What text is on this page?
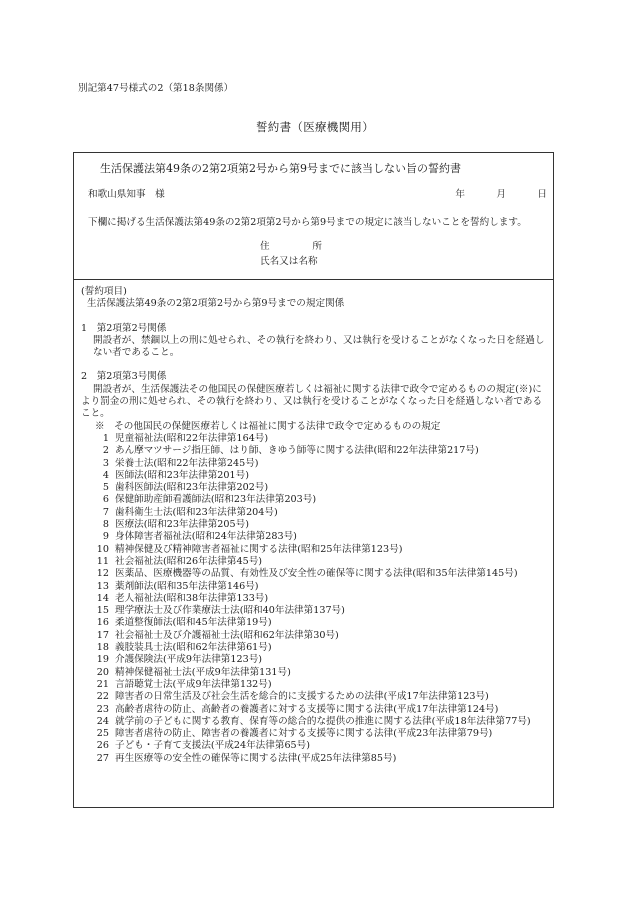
別記第47号様式の2（第18条関係）
誓約書（医療機関用）
生活保護法第49条の2第2項第2号から第9号までに該当しない旨の誓約書
和歌山県知事　様	年	月	日
下欄に掲げる生活保護法第49条の2第2項第2号から第9号までの規定に該当しないことを誓約します。
住	所
氏名又は名称
(誓約項目)
生活保護法第49条の2第2項第2号から第9号までの規定関係
1　第2項第2号関係

開設者が、禁錮以上の刑に処せられ、その執行を終わり、又は執行を受けることがなくなった日を経過しない者であること。

2　第2項第3号関係

開設者が、生活保護法その他国民の保健医療若しくは福祉に関する法律で政令で定めるものの規定(※)により罰金の刑に処せられ、その執行を終わり、又は執行を受けることがなくなった日を経過しない者であること。

※　その他国民の保健医療若しくは福祉に関する法律で政令で定めるものの規定
1 児童福祉法(昭和22年法律第164号)
2 あん摩マツサージ指圧師、はり師、きゆう師等に関する法律(昭和22年法律第217号)
3 栄養士法(昭和22年法律第245号)
4 医師法(昭和23年法律第201号)
5 歯科医師法(昭和23年法律第202号)
6 保健師助産師看護師法(昭和23年法律第203号)
7 歯科衛生士法(昭和23年法律第204号)
8 医療法(昭和23年法律第205号)
9 身体障害者福祉法(昭和24年法律第283号)
10 精神保健及び精神障害者福祉に関する法律(昭和25年法律第123号)
11 社会福祉法(昭和26年法律第45号)
12 医薬品、医療機器等の品質、有効性及び安全性の確保等に関する法律(昭和35年法律第145号)
13 薬剤師法(昭和35年法律第146号)
14 老人福祉法(昭和38年法律第133号)
15 理学療法士及び作業療法士法(昭和40年法律第137号)
16 柔道整復師法(昭和45年法律第19号)
17 社会福祉士及び介護福祉士法(昭和62年法律第30号)
18 義肢装具士法(昭和62年法律第61号)
19 介護保険法(平成9年法律第123号)
20 精神保健福祉士法(平成9年法律第131号)
21 言語聴覚士法(平成9年法律第132号)
22 障害者の日常生活及び社会生活を総合的に支援するための法律(平成17年法律第123号)
23 高齢者虐待の防止、高齢者の養護者に対する支援等に関する法律(平成17年法律第124号)
24 就学前の子どもに関する教育、保育等の総合的な提供の推進に関する法律(平成18年法律第77号)
25 障害者虐待の防止、障害者の養護者に対する支援等に関する法律(平成23年法律第79号)
26 子ども・子育て支援法(平成24年法律第65号)
27 再生医療等の安全性の確保等に関する法律(平成25年法律第85号)
